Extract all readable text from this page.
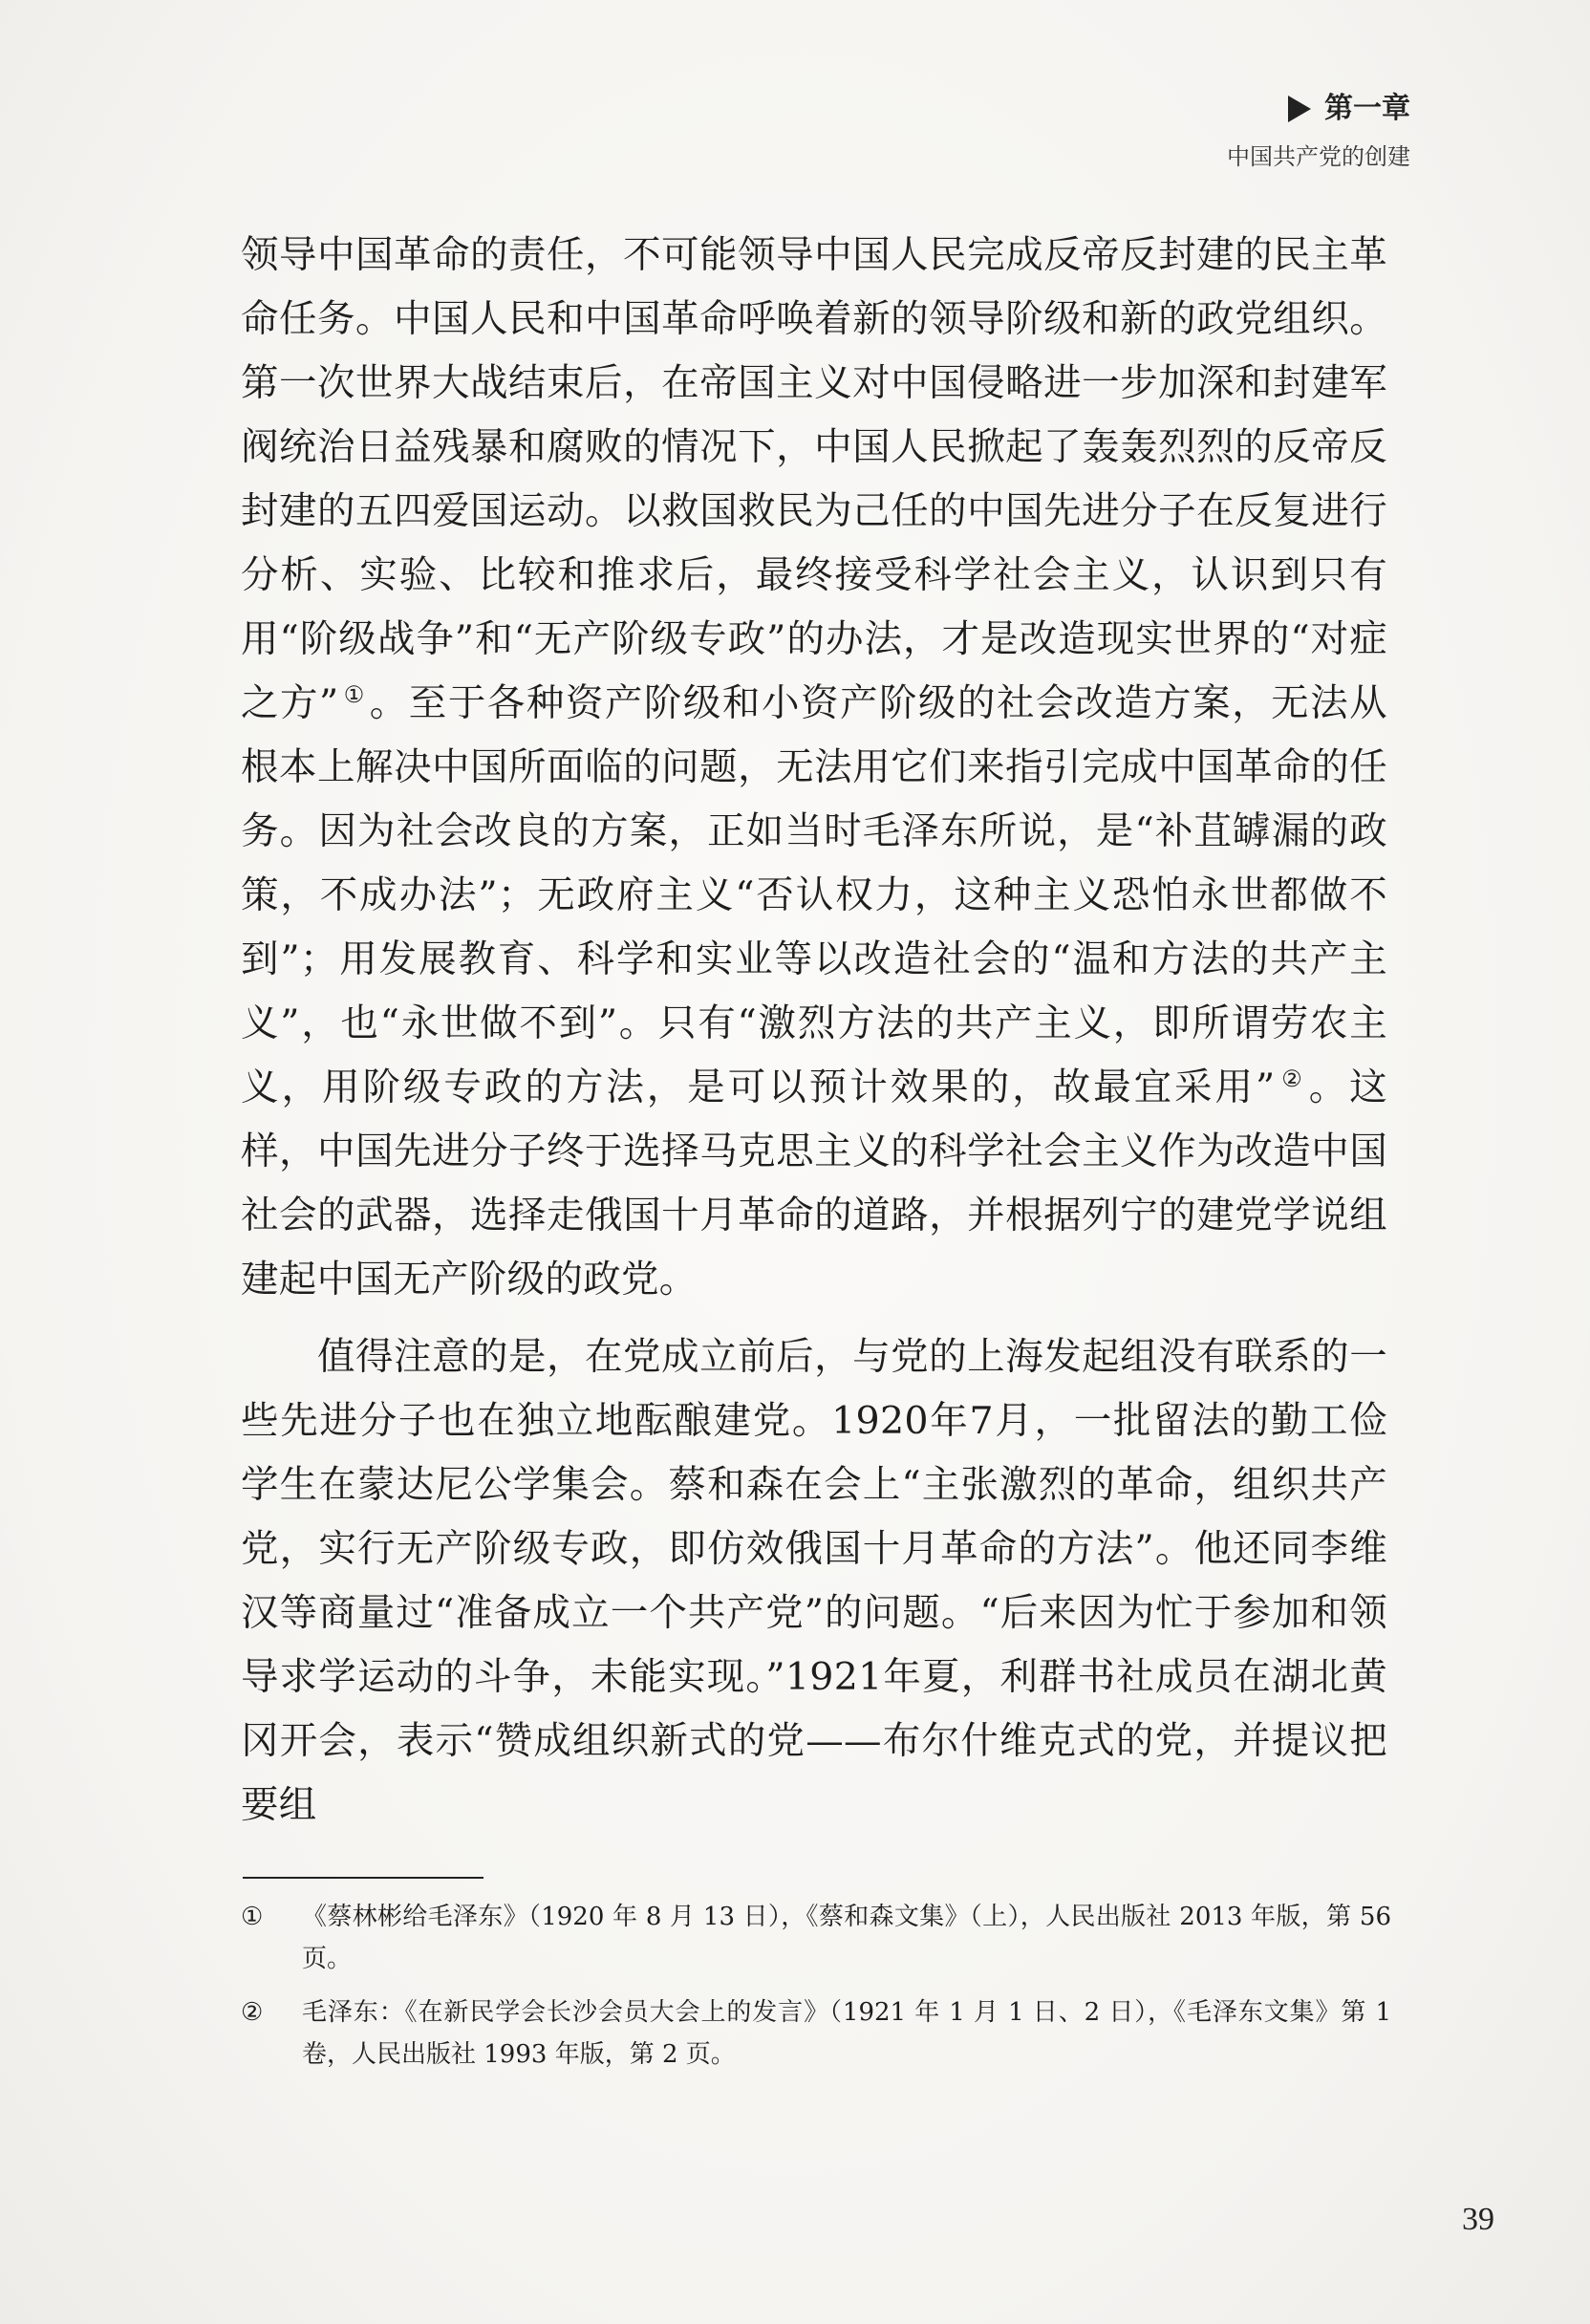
第一章
中国共产党的创建

领导中国革命的责任，不可能领导中国人民完成反帝反封建的民主革命任务。中国人民和中国革命呼唤着新的领导阶级和新的政党组织。第一次世界大战结束后，在帝国主义对中国侵略进一步加深和封建军阀统治日益残暴和腐败的情况下，中国人民掀起了轰轰烈烈的反帝反封建的五四爱国运动。以救国救民为己任的中国先进分子在反复进行分析、实验、比较和推求后，最终接受科学社会主义，认识到只有用“阶级战争”和“无产阶级专政”的办法，才是改造现实世界的“对症之方” ① 。至于各种资产阶级和小资产阶级的社会改造方案，无法从根本上解决中国所面临的问题，无法用它们来指引完成中国革命的任务。因为社会改良的方案，正如当时毛泽东所说，是“补苴罅漏的政策，不成办法”；无政府主义“否认权力，这种主义恐怕永世都做不到”；用发展教育、科学和实业等以改造社会的“温和方法的共产主义”，也“永世做不到”。只有“激烈方法的共产主义，即所谓劳农主义，用阶级专政的方法，是可以预计效果的，故最宜采用” ② 。这样，中国先进分子终于选择马克思主义的科学社会主义作为改造中国社会的武器，选择走俄国十月革命的道路，并根据列宁的建党学说组建起中国无产阶级的政党。

值得注意的是，在党成立前后，与党的上海发起组没有联系的一些先进分子也在独立地酝酿建党。1920年7月，一批留法的勤工俭学生在蒙达尼公学集会。蔡和森在会上“主张激烈的革命，组织共产党，实行无产阶级专政，即仿效俄国十月革命的方法”。他还同李维汉等商量过“准备成立一个共产党”的问题。“后来因为忙于参加和领导求学运动的斗争，未能实现。”1921年夏，利群书社成员在湖北黄冈开会，表示“赞成组织新式的党——布尔什维克式的党，并提议把要组

①	《蔡林彬给毛泽东》（1920 年 8 月 13 日），《蔡和森文集》（上），人民出版社 2013 年版，第 56 页。
②	毛泽东：《在新民学会长沙会员大会上的发言》（1921 年 1 月 1 日、2 日），《毛泽东文集》第 1 卷，人民出版社 1993 年版，第 2 页。
39
